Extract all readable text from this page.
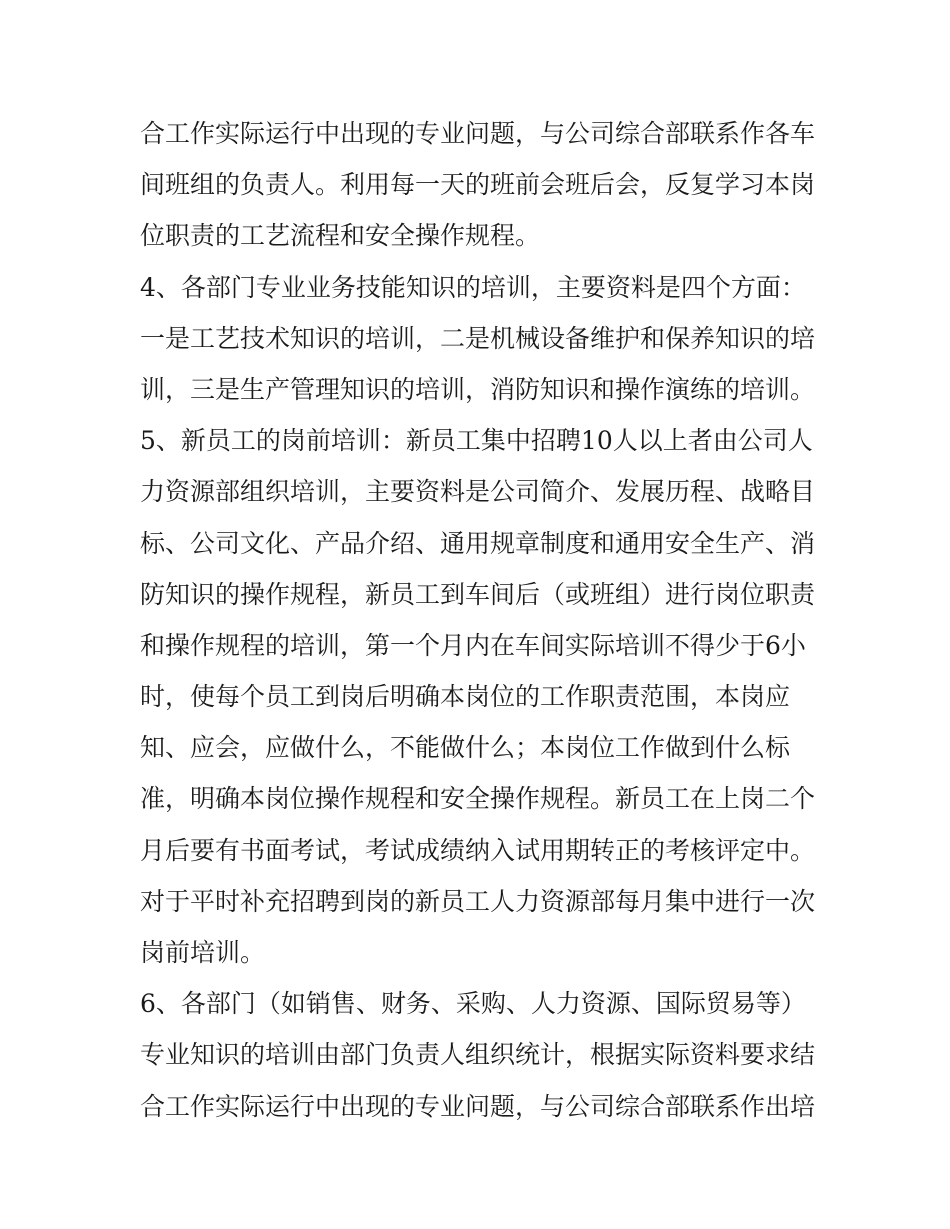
合工作实际运行中出现的专业问题，与公司综合部联系作各车
间班组的负责人。利用每一天的班前会班后会，反复学习本岗
位职责的工艺流程和安全操作规程。
4、各部门专业业务技能知识的培训，主要资料是四个方面：
一是工艺技术知识的培训，二是机械设备维护和保养知识的培
训，三是生产管理知识的培训，消防知识和操作演练的培训。
5、新员工的岗前培训：新员工集中招聘10人以上者由公司人
力资源部组织培训，主要资料是公司简介、发展历程、战略目
标、公司文化、产品介绍、通用规章制度和通用安全生产、消
防知识的操作规程，新员工到车间后（或班组）进行岗位职责
和操作规程的培训，第一个月内在车间实际培训不得少于6小
时，使每个员工到岗后明确本岗位的工作职责范围，本岗应
知、应会，应做什么，不能做什么；本岗位工作做到什么标
准，明确本岗位操作规程和安全操作规程。新员工在上岗二个
月后要有书面考试，考试成绩纳入试用期转正的考核评定中。
对于平时补充招聘到岗的新员工人力资源部每月集中进行一次
岗前培训。
6、各部门（如销售、财务、采购、人力资源、国际贸易等）
专业知识的培训由部门负责人组织统计，根据实际资料要求结
合工作实际运行中出现的专业问题，与公司综合部联系作出培
